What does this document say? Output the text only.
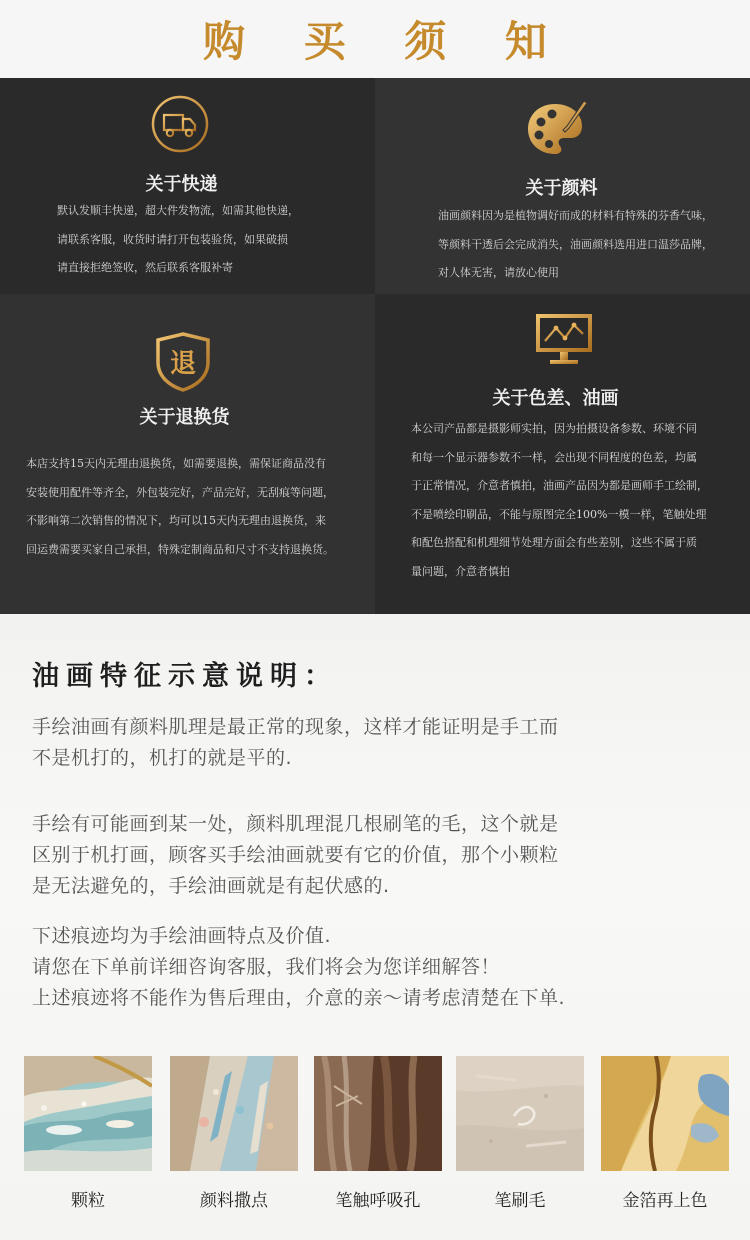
购 买 须 知
关于快递
默认发顺丰快递，超大件发物流，如需其他快递，
请联系客服，收货时请打开包装验货，如果破损
请直接拒绝签收，然后联系客服补寄
关于颜料
油画颜料因为是植物调好而成的材料有特殊的芬香气味，
等颜料干透后会完成消失，油画颜料选用进口温莎品牌，
对人体无害，请放心使用
退
关于退换货
本店支持15天内无理由退换货，如需要退换，需保证商品没有
安装使用配件等齐全，外包装完好，产品完好，无刮痕等问题，
不影响第二次销售的情况下，均可以15天内无理由退换货，来
回运费需要买家自己承担，特殊定制商品和尺寸不支持退换货。
关于色差、油画
本公司产品都是摄影师实拍，因为拍摄设备参数、环境不同
和每一个显示器参数不一样，会出现不同程度的色差，均属
于正常情况，介意者慎拍，油画产品因为都是画师手工绘制，
不是喷绘印刷品，不能与原图完全100%一模一样，笔触处理
和配色搭配和机理细节处理方面会有些差别，这些不属于质
量问题，介意者慎拍
油画特征示意说明：
手绘油画有颜料肌理是最正常的现象，这样才能证明是手工而
不是机打的，机打的就是平的.
手绘有可能画到某一处，颜料肌理混几根刷笔的毛，这个就是
区别于机打画，顾客买手绘油画就要有它的价值，那个小颗粒
是无法避免的，手绘油画就是有起伏感的.
下述痕迹均为手绘油画特点及价值.
请您在下单前详细咨询客服，我们将会为您详细解答！
上述痕迹将不能作为售后理由，介意的亲～请考虑清楚在下单.
颗粒	颜料撒点	笔触呼吸孔	笔刷毛	金箔再上色
